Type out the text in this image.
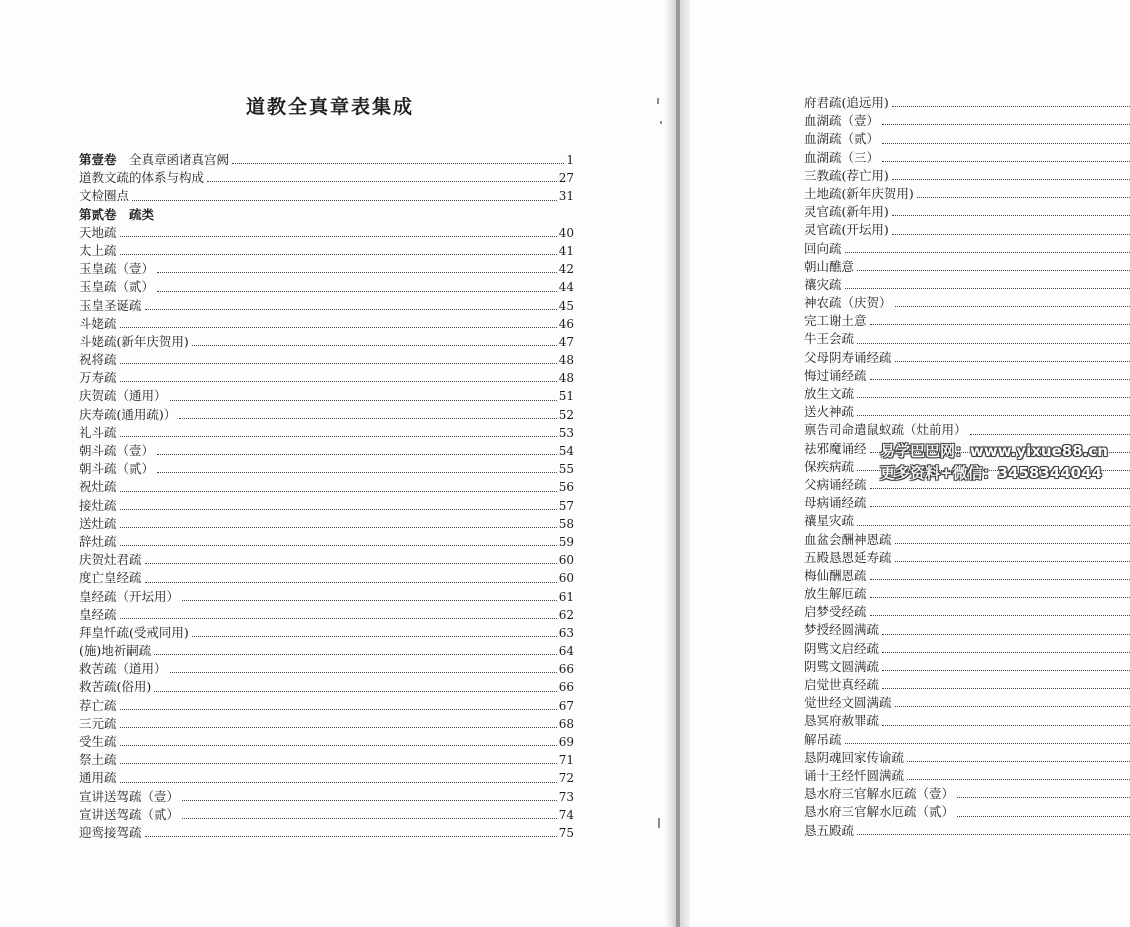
道教全真章表集成
第壹卷　全真章函诸真宫阙	1
道教文疏的体系与构成	27
文检圈点	31
第贰卷　疏类
天地疏	40
太上疏	41
玉皇疏（壹）	42
玉皇疏（贰）	44
玉皇圣诞疏	45
斗姥疏	46
斗姥疏(新年庆贺用)	47
祝将疏	48
万寿疏	48
庆贺疏（通用）	51
庆寿疏(通用疏)）	52
礼斗疏	53
朝斗疏（壹）	54
朝斗疏（贰）	55
祝灶疏	56
接灶疏	57
送灶疏	58
辞灶疏	59
庆贺灶君疏	60
度亡皇经疏	60
皇经疏（开坛用）	61
皇经疏	62
拜皇忏疏(受戒同用)	63
(施)地祈嗣疏	64
救苦疏（道用）	66
救苦疏(俗用)	66
荐亡疏	67
三元疏	68
受生疏	69
祭土疏	71
通用疏	72
宣讲送驾疏（壹）	73
宣讲送驾疏（贰）	74
迎鸾接驾疏	75
府君疏(追远用)
血湖疏（壹）
血湖疏（贰）
血湖疏（三）
三教疏(荐亡用)
土地疏(新年庆贺用)
灵官疏(新年用)
灵官疏(开坛用)
回向疏
朝山醮意
禳灾疏
神农疏（庆贺）
完工谢土意
牛王会疏
父母阴寿诵经疏
悔过诵经疏
放生文疏
送火神疏
禀告司命遣鼠蚁疏（灶前用）
祛邪魔诵经
保疾病疏
父病诵经疏
母病诵经疏
禳星灾疏
血盆会酬神恩疏
五殿恳恩延寿疏
梅仙酬恩疏
放生解厄疏
启梦受经疏
梦授经圆满疏
阴骘文启经疏
阴骘文圆满疏
启觉世真经疏
觉世经文圆满疏
恳冥府赦罪疏
解吊疏
恳阴魂回家传谕疏
诵十王经忏圆满疏
恳水府三官解水厄疏（壹）
恳水府三官解水厄疏（贰）
恳五殿疏
易学巴巴网：www.yixue88.cn
更多资料+微信：3458344044
